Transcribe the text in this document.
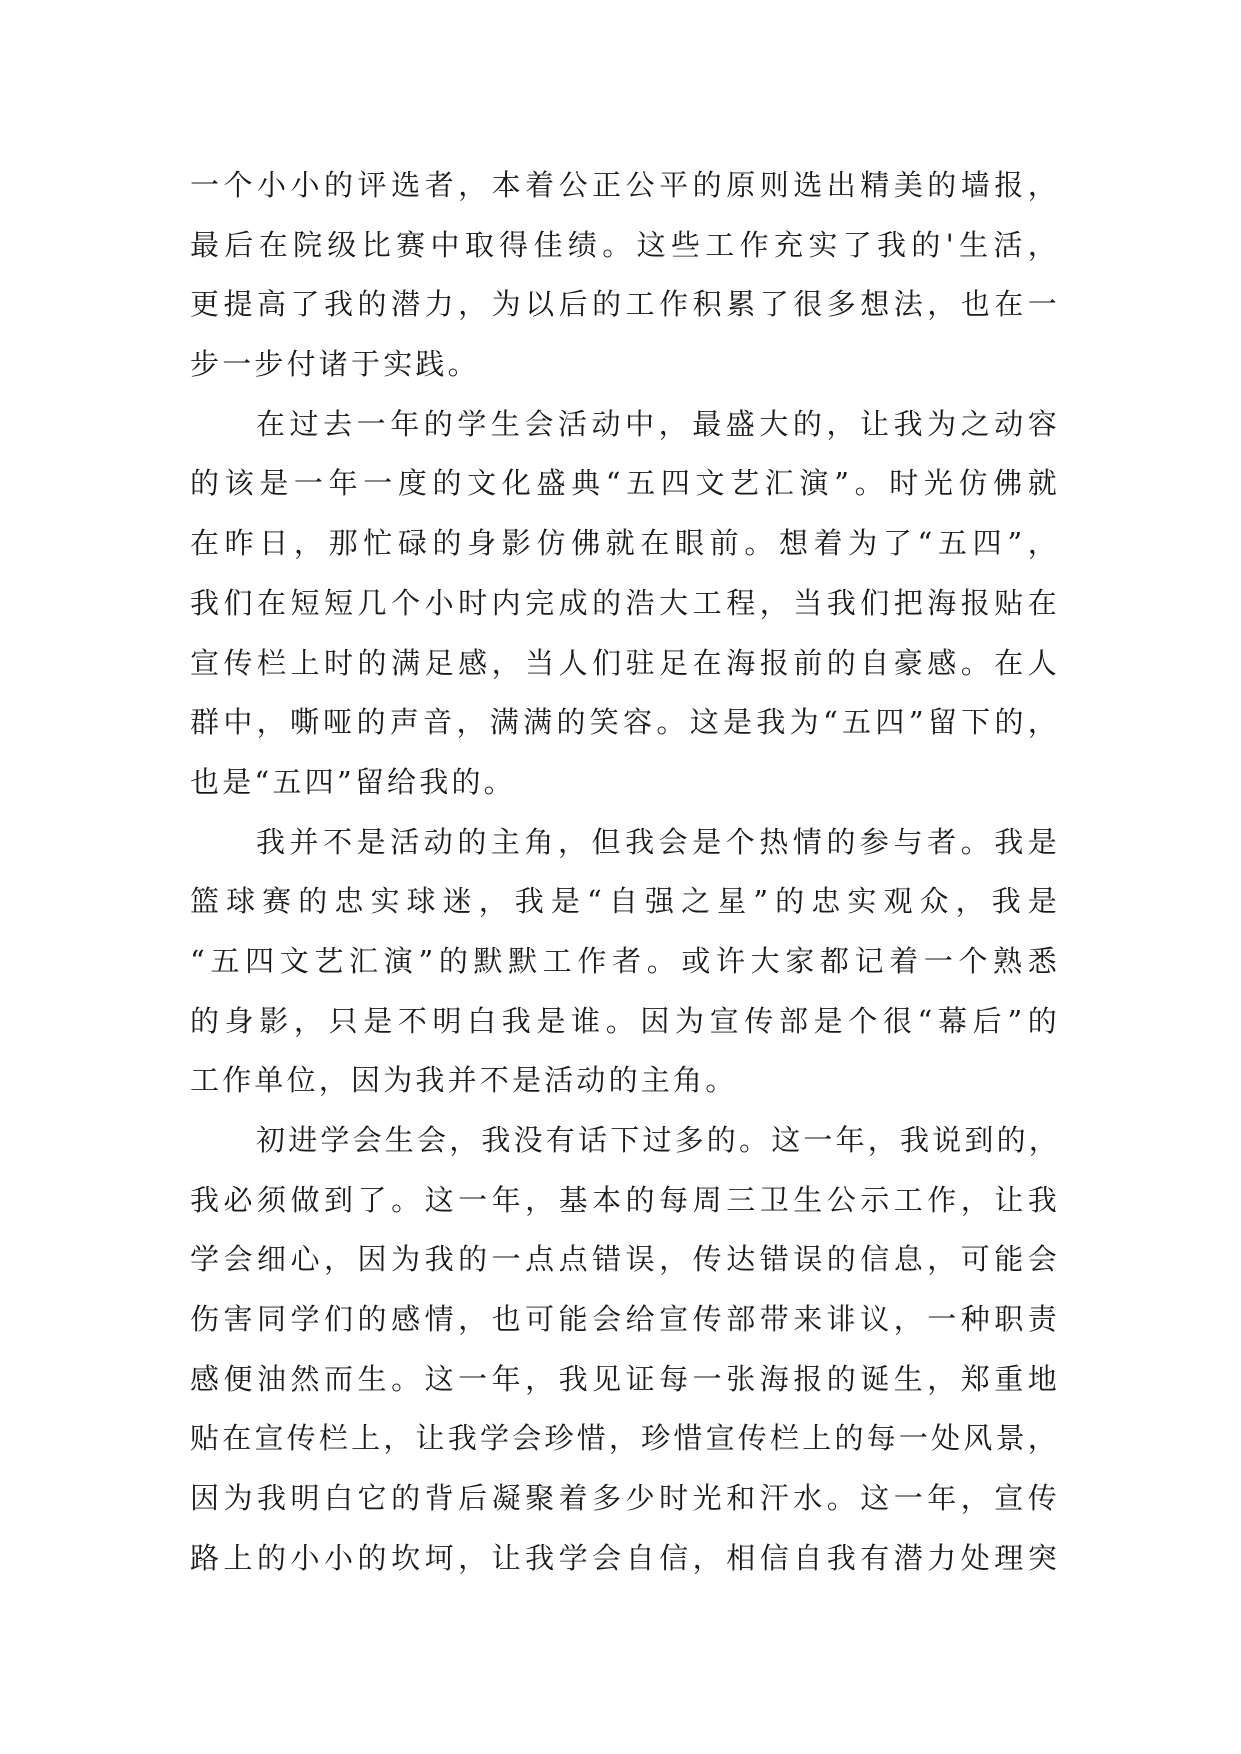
一个小小的评选者，本着公正公平的原则选出精美的墙报，
最后在院级比赛中取得佳绩。这些工作充实了我的'生活，
更提高了我的潜力，为以后的工作积累了很多想法，也在一
步一步付诸于实践。
在过去一年的学生会活动中，最盛大的，让我为之动容
的该是一年一度的文化盛典“五四文艺汇演”。时光仿佛就
在昨日，那忙碌的身影仿佛就在眼前。想着为了“五四”，
我们在短短几个小时内完成的浩大工程，当我们把海报贴在
宣传栏上时的满足感，当人们驻足在海报前的自豪感。在人
群中，嘶哑的声音，满满的笑容。这是我为“五四”留下的，
也是“五四”留给我的。
我并不是活动的主角，但我会是个热情的参与者。我是
篮球赛的忠实球迷，我是“自强之星”的忠实观众，我是
“五四文艺汇演”的默默工作者。或许大家都记着一个熟悉
的身影，只是不明白我是谁。因为宣传部是个很“幕后”的
工作单位，因为我并不是活动的主角。
初进学会生会，我没有话下过多的。这一年，我说到的，
我必须做到了。这一年，基本的每周三卫生公示工作，让我
学会细心，因为我的一点点错误，传达错误的信息，可能会
伤害同学们的感情，也可能会给宣传部带来诽议，一种职责
感便油然而生。这一年，我见证每一张海报的诞生，郑重地
贴在宣传栏上，让我学会珍惜，珍惜宣传栏上的每一处风景，
因为我明白它的背后凝聚着多少时光和汗水。这一年，宣传
路上的小小的坎坷，让我学会自信，相信自我有潜力处理突
